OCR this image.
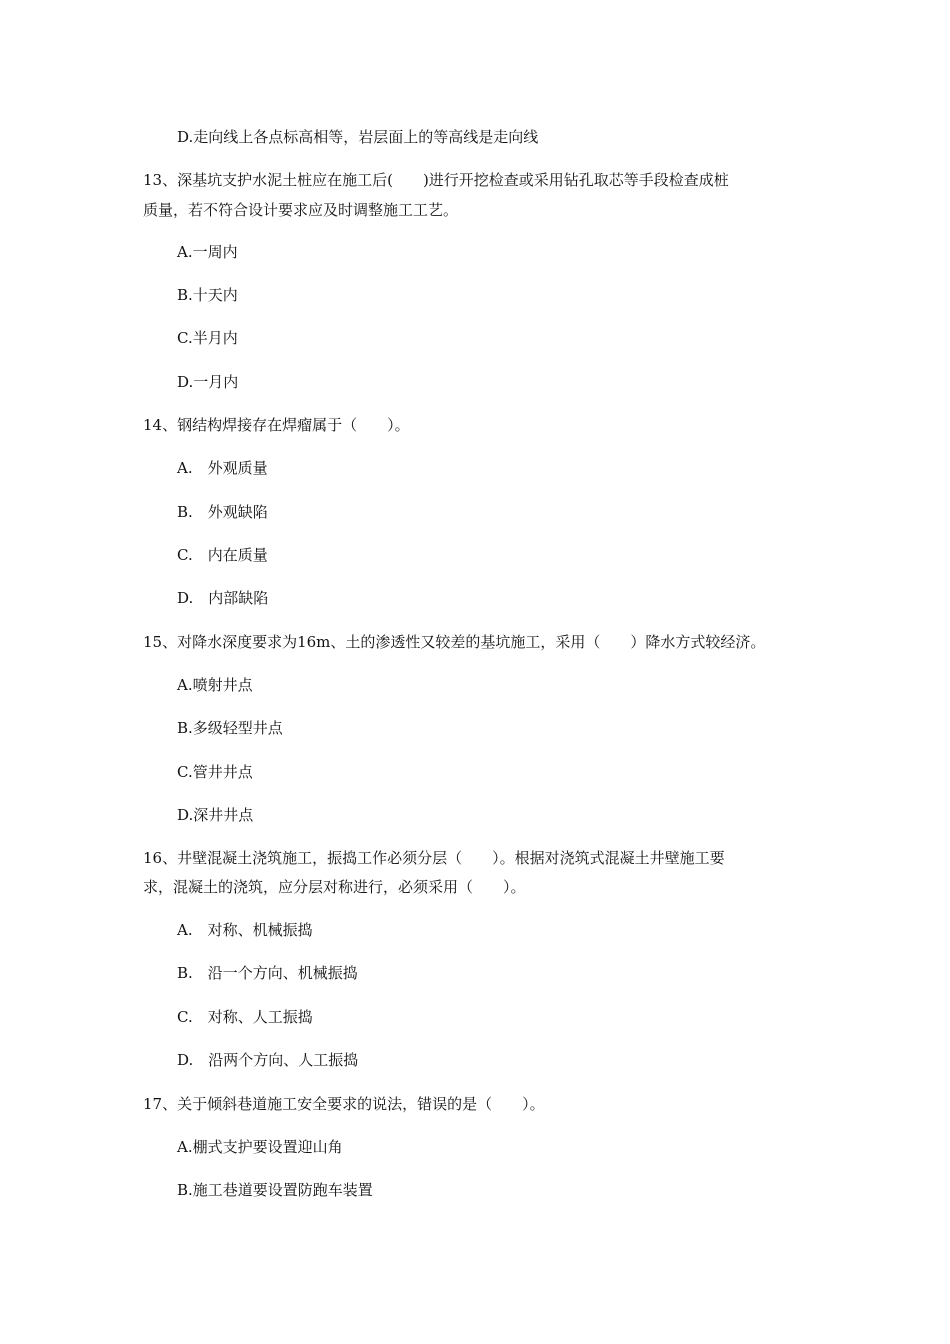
D.走向线上各点标高相等，岩层面上的等高线是走向线
13、深基坑支护水泥土桩应在施工后(　　)进行开挖检查或采用钻孔取芯等手段检查成桩
质量，若不符合设计要求应及时调整施工工艺。
A.一周内
B.十天内
C.半月内
D.一月内
14、钢结构焊接存在焊瘤属于（　　）。
A.　外观质量
B.　外观缺陷
C.　内在质量
D.　内部缺陷
15、对降水深度要求为16m、土的渗透性又较差的基坑施工，采用（　　）降水方式较经济。
A.喷射井点
B.多级轻型井点
C.管井井点
D.深井井点
16、井壁混凝土浇筑施工，振捣工作必须分层（　　）。根据对浇筑式混凝土井壁施工要
求，混凝土的浇筑，应分层对称进行，必须采用（　　）。
A.　对称、机械振捣
B.　沿一个方向、机械振捣
C.　对称、人工振捣
D.　沿两个方向、人工振捣
17、关于倾斜巷道施工安全要求的说法，错误的是（　　）。
A.棚式支护要设置迎山角
B.施工巷道要设置防跑车装置
